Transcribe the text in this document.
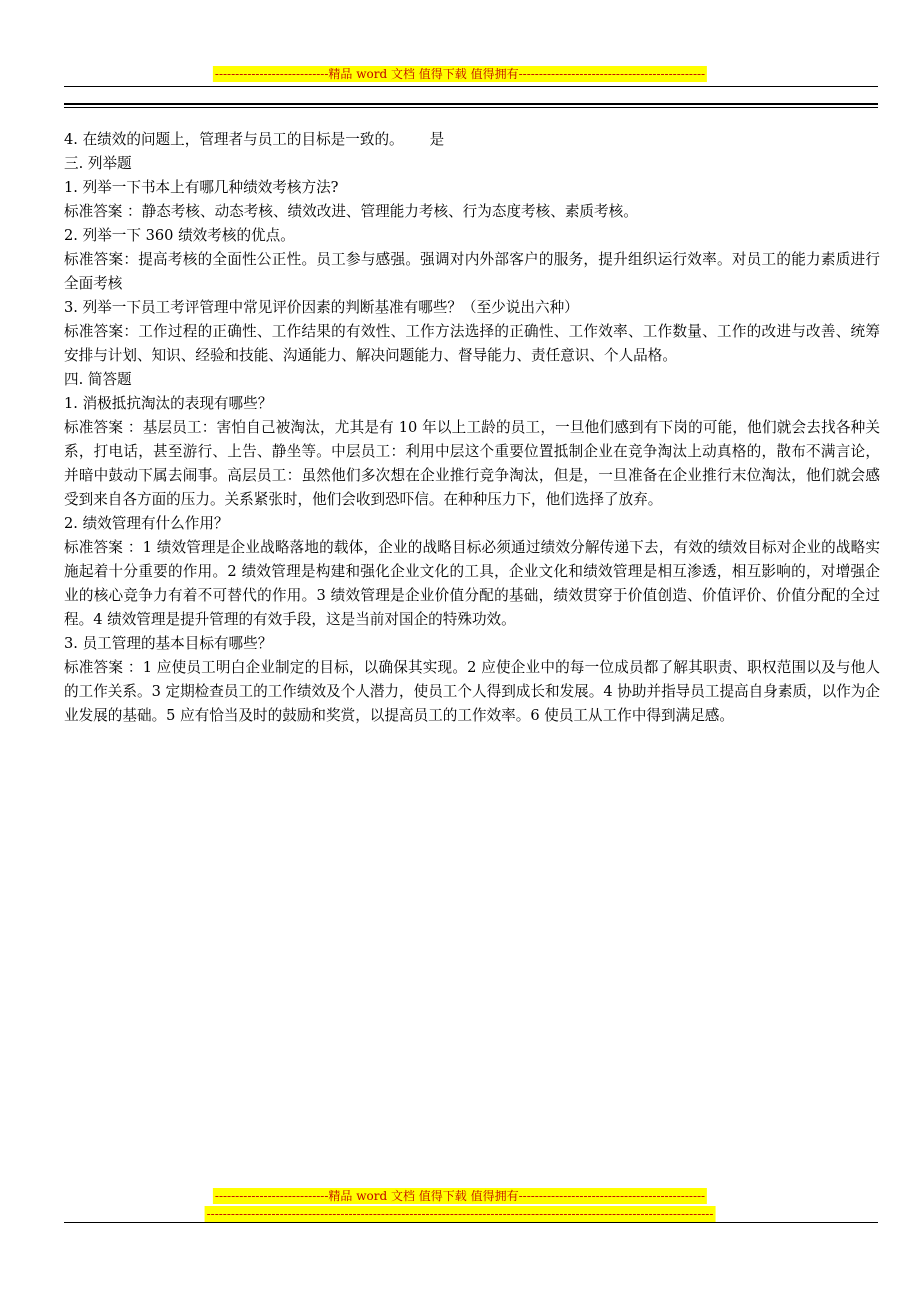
----------------------------精品 word 文档 值得下载 值得拥有----------------------------------------------

4. 在绩效的问题上，管理者与员工的目标是一致的。 是

三. 列举题

1. 列举一下书本上有哪几种绩效考核方法?

标准答案 ：静态考核、动态考核、绩效改进、管理能力考核、行为态度考核、素质考核。

2. 列举一下 360 绩效考核的优点。

标准答案：提高考核的全面性公正性。员工参与感强。强调对内外部客户的服务，提升组织运行效率。对员工的能力素质进行全面考核

3. 列举一下员工考评管理中常见评价因素的判断基准有哪些？（至少说出六种）

标准答案：工作过程的正确性、工作结果的有效性、工作方法选择的正确性、工作效率、工作数量、工作的改进与改善、统筹安排与计划、知识、经验和技能、沟通能力、解决问题能力、督导能力、责任意识、个人品格。

四. 简答题

1. 消极抵抗淘汰的表现有哪些？

标准答案 ：基层员工：害怕自己被淘汰，尤其是有 10 年以上工龄的员工，一旦他们感到有下岗的可能，他们就会去找各种关系，打电话，甚至游行、上告、静坐等。中层员工：利用中层这个重要位置抵制企业在竞争淘汰上动真格的，散布不满言论，并暗中鼓动下属去闹事。高层员工：虽然他们多次想在企业推行竞争淘汰，但是，一旦准备在企业推行末位淘汰，他们就会感受到来自各方面的压力。关系紧张时，他们会收到恐吓信。在种种压力下，他们选择了放弃。

2. 绩效管理有什么作用？

标准答案 ：1 绩效管理是企业战略落地的载体，企业的战略目标必须通过绩效分解传递下去，有效的绩效目标对企业的战略实施起着十分重要的作用。2 绩效管理是构建和强化企业文化的工具，企业文化和绩效管理是相互渗透，相互影响的，对增强企业的核心竞争力有着不可替代的作用。3 绩效管理是企业价值分配的基础，绩效贯穿于价值创造、价值评价、价值分配的全过程。4 绩效管理是提升管理的有效手段，这是当前对国企的特殊功效。

3. 员工管理的基本目标有哪些？

标准答案 ：1 应使员工明白企业制定的目标，以确保其实现。2 应使企业中的每一位成员都了解其职责、职权范围以及与他人的工作关系。3 定期检查员工的工作绩效及个人潜力，使员工个人得到成长和发展。4 协助并指导员工提高自身素质，以作为企业发展的基础。5 应有恰当及时的鼓励和奖赏，以提高员工的工作效率。6 使员工从工作中得到满足感。

----------------------------精品 word 文档 值得下载 值得拥有----------------------------------------------
-----------------------------------------------------------------------------------------------------------------------------
